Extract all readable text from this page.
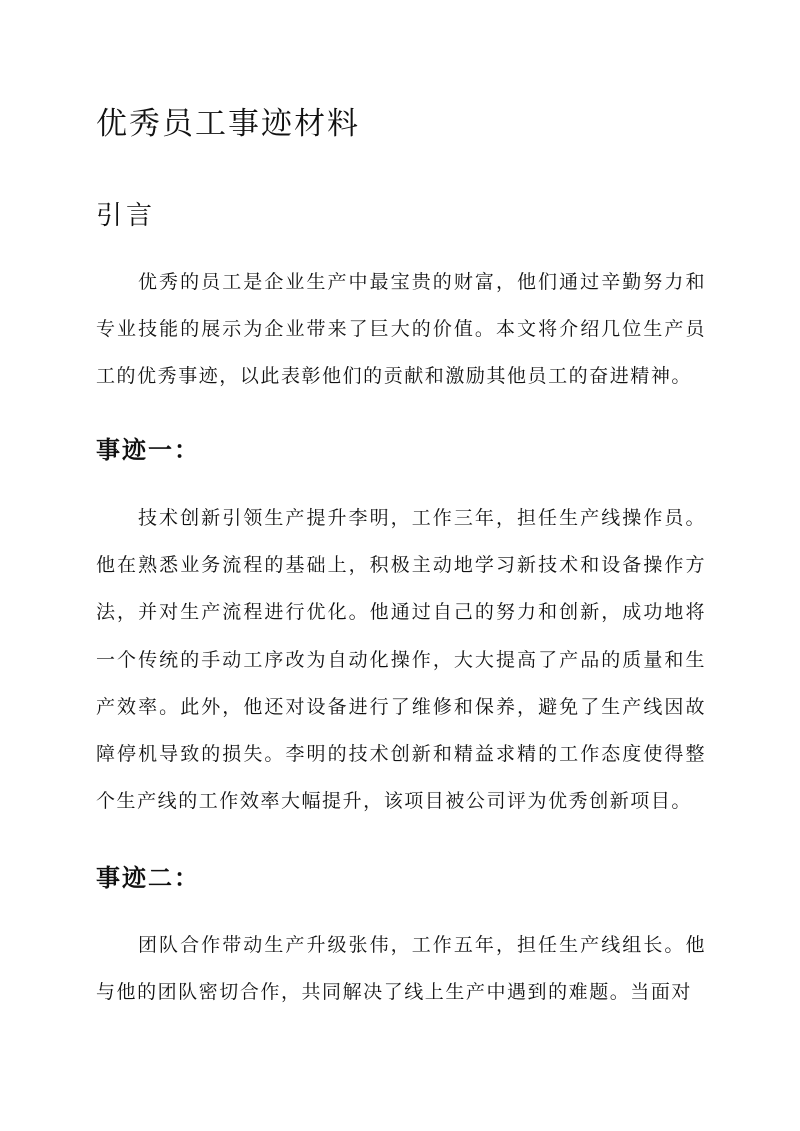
优秀员工事迹材料
引言

优秀的员工是企业生产中最宝贵的财富，他们通过辛勤努力和专业技能的展示为企业带来了巨大的价值。本文将介绍几位生产员工的优秀事迹，以此表彰他们的贡献和激励其他员工的奋进精神。

事迹一：

技术创新引领生产提升李明，工作三年，担任生产线操作员。他在熟悉业务流程的基础上，积极主动地学习新技术和设备操作方法，并对生产流程进行优化。他通过自己的努力和创新，成功地将一个传统的手动工序改为自动化操作，大大提高了产品的质量和生产效率。此外，他还对设备进行了维修和保养，避免了生产线因故障停机导致的损失。李明的技术创新和精益求精的工作态度使得整个生产线的工作效率大幅提升，该项目被公司评为优秀创新项目。

事迹二：

团队合作带动生产升级张伟，工作五年，担任生产线组长。他与他的团队密切合作，共同解决了线上生产中遇到的难题。当面对
